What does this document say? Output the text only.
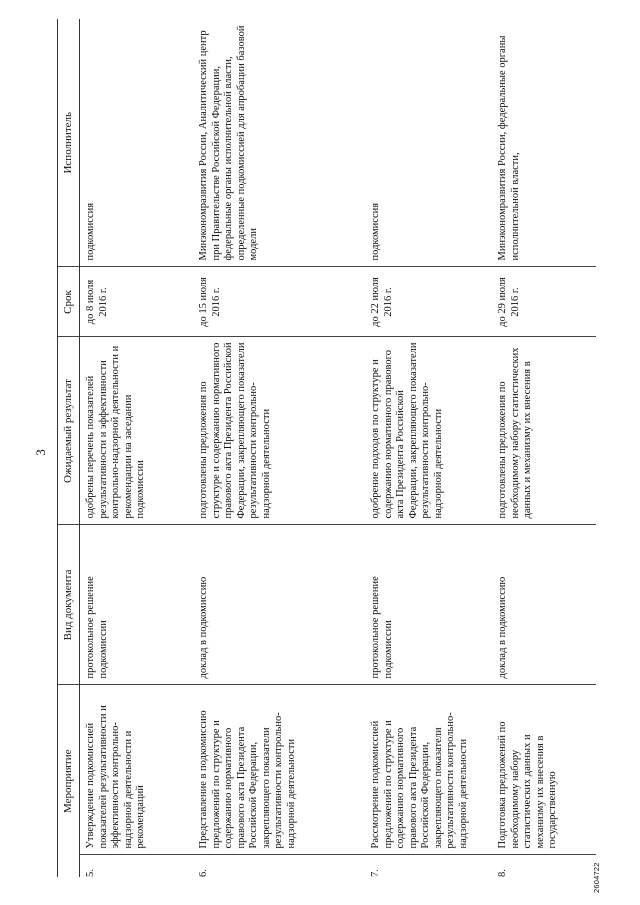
3
Мероприятие		Вид документа	Ожидаемый результат	Срок	Исполнитель
5.	Утверждение подкомиссией показателей результативности и эффективности контрольно-надзорной деятельности и рекомендаций	протокольное решение подкомиссии	одобрены перечень показателей результативности и эффективности контрольно-надзорной деятельности и рекомендации на заседании подкомиссии	до 8 июля 2016 г.	подкомиссия
6.	Представление в подкомиссию предложений по структуре и содержанию нормативного правового акта Президента Российской Федерации, закрепляющего показатели результативности контрольно-надзорной деятельности	доклад в подкомиссию	подготовлены предложения по структуре и содержанию нормативного правового акта Президента Российской Федерации, закрепляющего показатели результативности контрольно-надзорной деятельности	до 15 июля 2016 г.	Минэкономразвития России, Аналитический центр при Правительстве Российской Федерации, федеральные органы исполнительной власти, определенные подкомиссией для апробации базовой модели
7.	Рассмотрение подкомиссией предложений по структуре и содержанию нормативного правового акта Президента Российской Федерации, закрепляющего показатели результативности контрольно-надзорной деятельности	протокольное решение подкомиссии	одобрение подходов по структуре и содержанию нормативного правового акта Президента Российской Федерации, закрепляющего показатели результативности контрольно-надзорной деятельности	до 22 июля 2016 г.	подкомиссия
8.	Подготовка предложений по необходимому набору статистических данных и механизму их внесения в государственную	доклад в подкомиссию	подготовлены предложения по необходимому набору статистических данных и механизму их внесения в	до 29 июля 2016 г.	Минэкономразвития России, федеральные органы исполнительной власти,
2604722
